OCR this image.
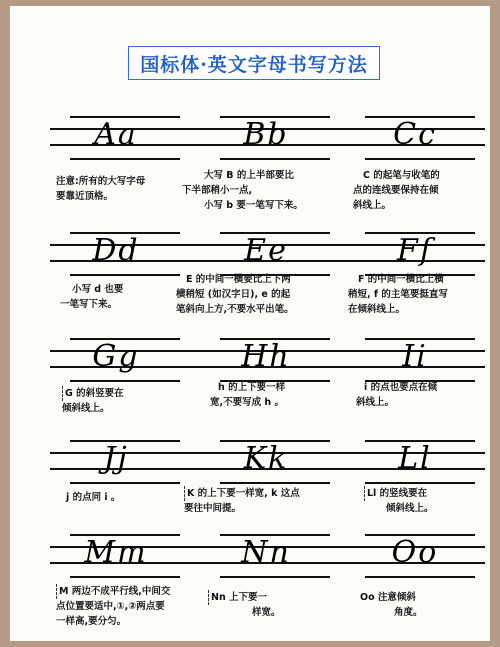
国标体·英文字母书写方法
Aa	Bb	Cc
注意:所有的大写字母
要靠近顶格。
大写 B 的上半部要比
下半部稍小一点,
小写 b 要一笔写下来。
C 的起笔与收笔的
点的连线要保持在倾
斜线上。
Dd	Ee	Ff
小写 d 也要
一笔写下来。
E 的中间一横要比上下两
横稍短 (如汉字日), e 的起
笔斜向上方,不要水平出笔。
F 的中间一横比上横
稍短, f 的主笔要挺直写
在倾斜线上。
Gg	Hh	Ii
G 的斜竖要在
倾斜线上。
h 的上下要一样
宽,不要写成 h 。
i 的点也要点在倾
斜线上。
Jj	Kk	Ll
j 的点同 i 。	K 的上下要一样宽, k 这点
要往中间提。
Ll 的竖线要在
倾斜线上。
Mm	Nn	Oo
M 两边不成平行线,中间交
点位置要适中,①,②两点要
一样高,要分匀。
Nn 上下要一
样宽。
Oo 注意倾斜
角度。
